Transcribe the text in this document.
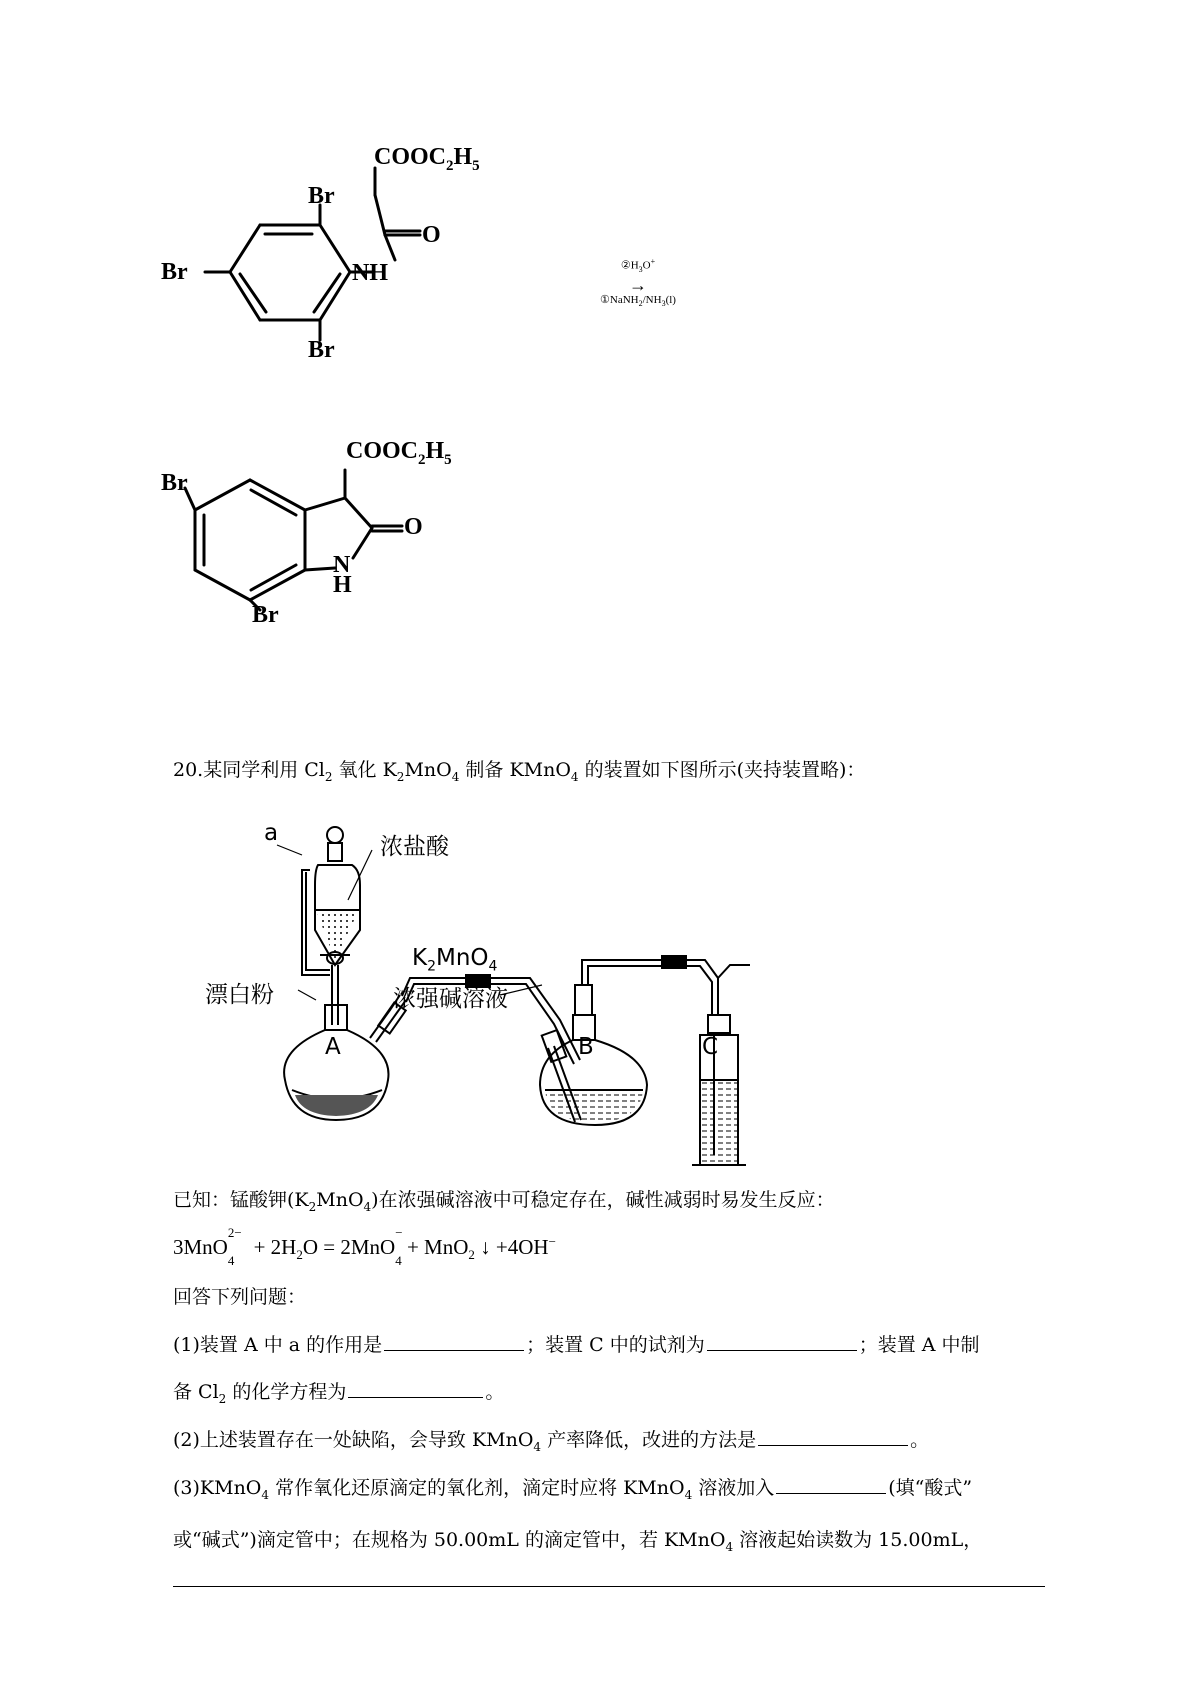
$COOC_2H_5$
Br
Br
Br
NH
O
$②H_3O^+$
→
$①NaNH_2/NH_3(l)$
$COOC_2H_5$
Br
Br
N
H
O
20.某同学利用 $Cl_2$ 氧化 $K_2MnO_4$ 制备 KMnO$_4$ 的装置如下图所示(夹持装置略)：
a
浓盐酸
漂白粉
$K_2MnO_4$
浓强碱溶液
A	B	C
已知：锰酸钾$(K_2MnO_4)$在浓强碱溶液中可稳定存在，碱性减弱时易发生反应：
3MnO
2−
$_4 + 2H_2O = 2MnO$
−
$_4$ + MnO$_2$ ↓ +4OH−
回答下列问题：
(1)装置 A 中 a 的作用是	；装置 C 中的试剂为	；装置 A 中制
备 $Cl_2$ 的化学方程为	。
(2)上述装置存在一处缺陷，会导致 KMnO$_4$ 产率降低，改进的方法是	。
(3)KMnO$_4$ 常作氧化还原滴定的氧化剂，滴定时应将 KMnO$_4$ 溶液加入	(填“酸式”
或“碱式”)滴定管中；在规格为 50.00mL 的滴定管中，若 KMnO$_4$ 溶液起始读数为 15.00mL，
